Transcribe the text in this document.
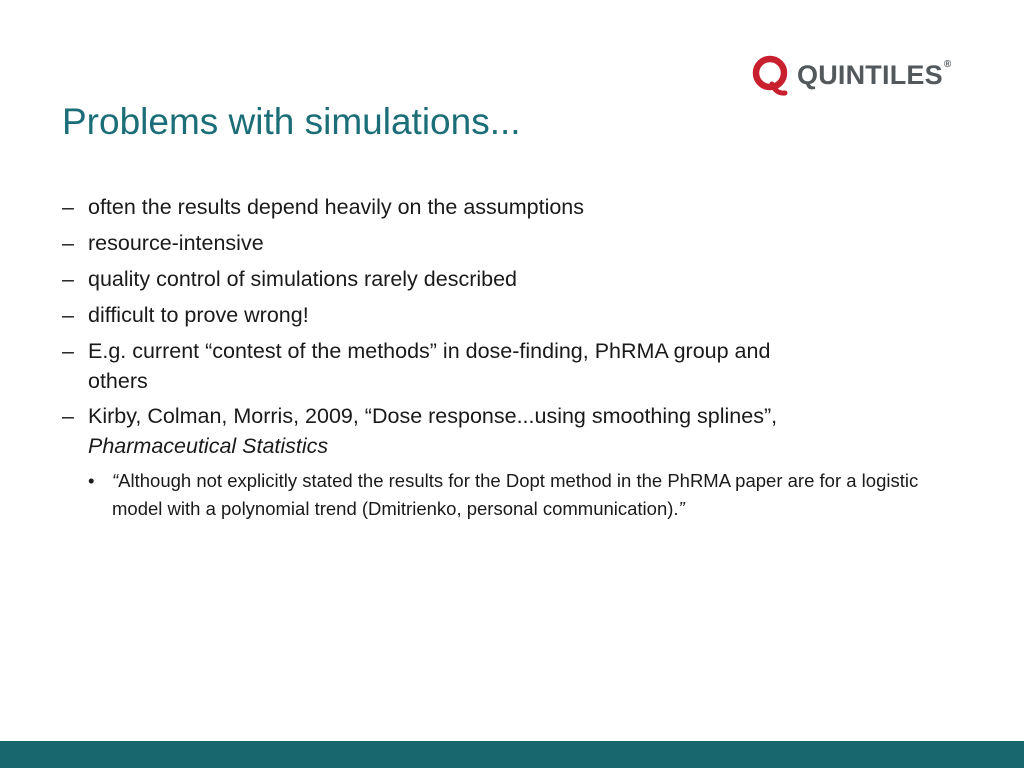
QUINTILES®
Problems with simulations...
– often the results depend heavily on the assumptions
– resource-intensive
– quality control of simulations rarely described
– difficult to prove wrong!
– E.g. current “contest of the methods” in dose-finding, PhRMA group and
others
– Kirby, Colman, Morris, 2009, “Dose response...using smoothing splines”,
Pharmaceutical Statistics
• “Although not explicitly stated the results for the Dopt method in the PhRMA paper are for a logistic model with a polynomial trend (Dmitrienko, personal communication).”
